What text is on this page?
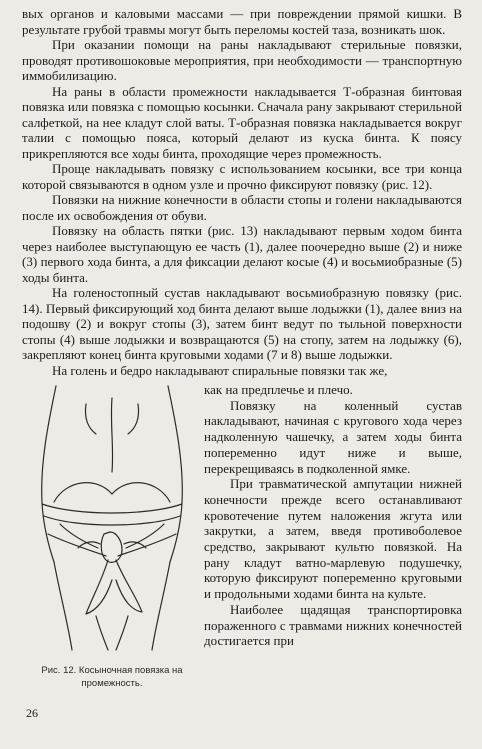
вых органов и каловыми массами — при повреждении прямой кишки. В результате грубой травмы могут быть переломы костей таза, возникать шок.

При оказании помощи на раны накладывают стерильные повязки, проводят противошоковые мероприятия, при необходимости — транспортную иммобилизацию.

На раны в области промежности накладывается Т-образная бинтовая повязка или повязка с помощью косынки. Сначала рану закрывают стерильной салфеткой, на нее кладут слой ваты. Т-образная повязка накладывается вокруг талии с помощью пояса, который делают из куска бинта. К поясу прикрепляются все ходы бинта, проходящие через промежность.

Проще накладывать повязку с использованием косынки, все три конца которой связываются в одном узле и прочно фиксируют повязку (рис. 12).

Повязки на нижние конечности в области стопы и голени накладываются после их освобождения от обуви.

Повязку на область пятки (рис. 13) накладывают первым ходом бинта через наиболее выступающую ее часть (1), далее поочередно выше (2) и ниже (3) первого хода бинта, а для фиксации делают косые (4) и восьмиобразные (5) ходы бинта.

На голеностопный сустав накладывают восьмиобразную повязку (рис. 14). Первый фиксирующий ход бинта делают выше лодыжки (1), далее вниз на подошву (2) и вокруг стопы (3), затем бинт ведут по тыльной поверхности стопы (4) выше лодыжки и возвращаются (5) на стопу, затем на лодыжку (6), закрепляют конец бинта круговыми ходами (7 и 8) выше лодыжки.

На голень и бедро накладывают спиральные повязки так же,

Рис. 12. Косыночная повязка на промежность.

как на предплечье и плечо.

Повязку на коленный сустав накладывают, начиная с кругового хода через надколенную чашечку, а затем ходы бинта попеременно идут ниже и выше, перекрещиваясь в подколенной ямке.

При травматической ампутации нижней конечности прежде всего останавливают кровотечение путем наложения жгута или закрутки, а затем, введя противоболевое средство, закрывают культю повязкой. На рану кладут ватно-марлевую подушечку, которую фиксируют попеременно круговыми и продольными ходами бинта на культе.

Наиболее щадящая транспортировка пораженного с травмами нижних конечностей достигается при

26
